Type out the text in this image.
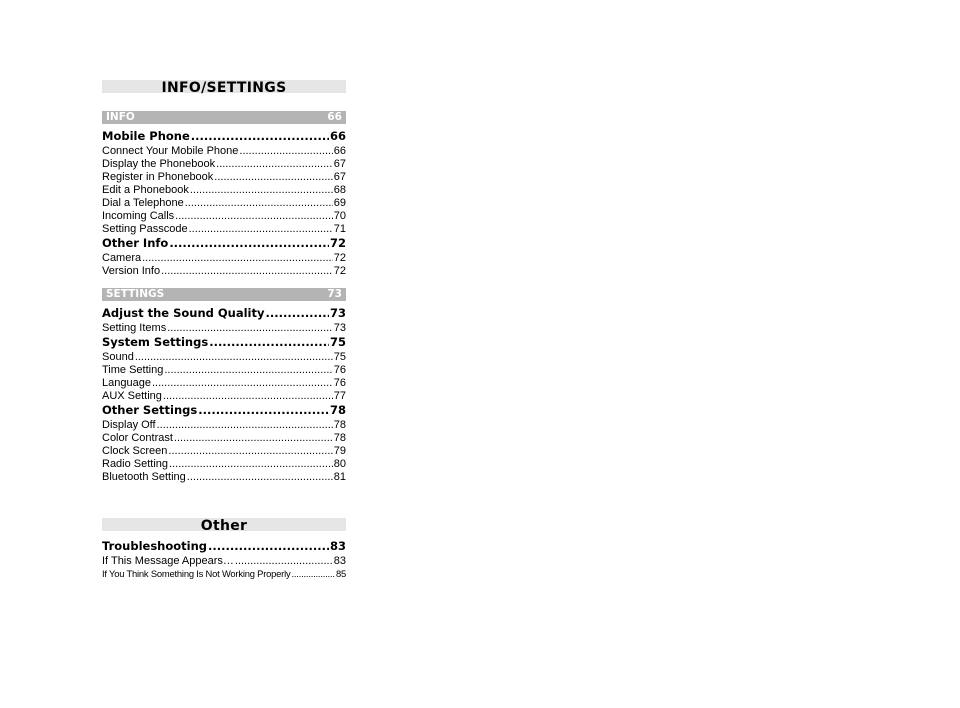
INFO/SETTINGS
INFO	66
Mobile Phone .....	66
Connect Your Mobile Phone .....	66
Display the Phonebook .....	67
Register in Phonebook .....	67
Edit a Phonebook .....	68
Dial a Telephone .....	69
Incoming Calls .....	70
Setting Passcode .....	71
Other Info .....	72
Camera .....	72
Version Info .....	72
SETTINGS	73
Adjust the Sound Quality .....	73
Setting Items .....	73
System Settings .....	75
Sound .....	75
Time Setting .....	76
Language .....	76
AUX Setting .....	77
Other Settings .....	78
Display Off .....	78
Color Contrast .....	78
Clock Screen .....	79
Radio Setting .....	80
Bluetooth Setting .....	81
Other
Troubleshooting .....	83
If This Message Appears… .....	83
If You Think Something Is Not Working Properly .....	85
